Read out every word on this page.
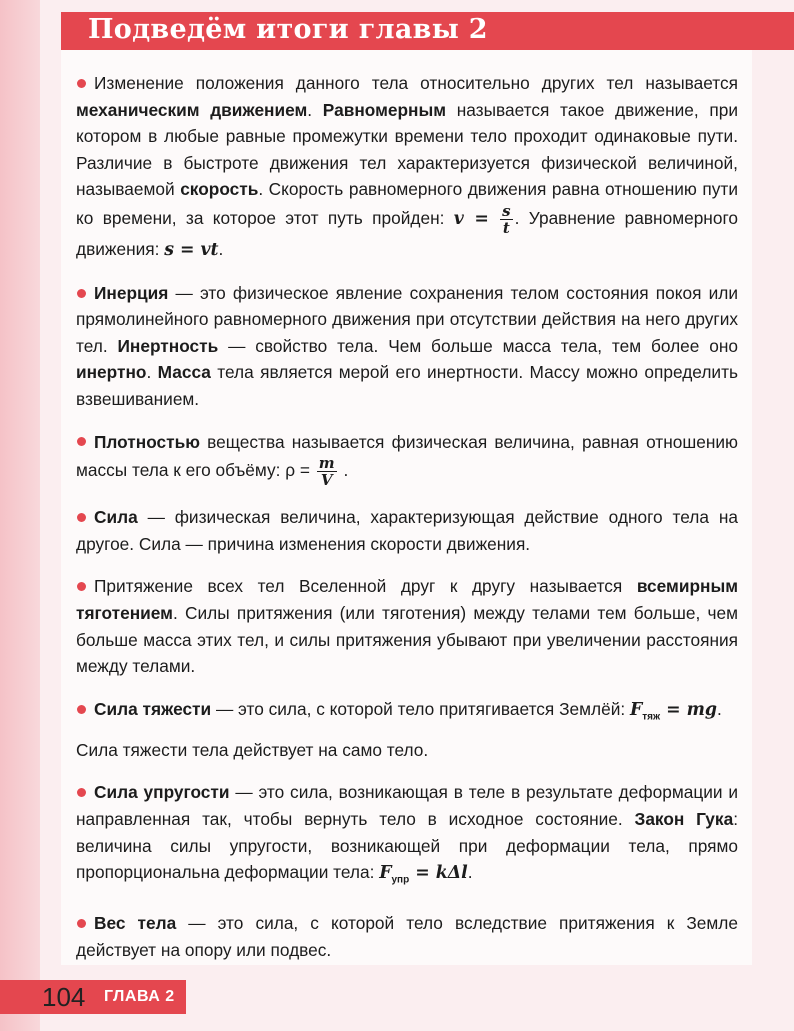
Подведём итоги главы 2

Изменение положения данного тела относительно других тел называется механическим движением. Равномерным называется такое движение, при котором в любые равные промежутки времени тело проходит одинаковые пути. Различие в быстроте движения тел характеризуется физической величиной, называемой скорость. Скорость равномерного движения равна отношению пути ко времени, за которое этот путь пройден: $v = \frac{s}{t}$ . Уравнение равномерного движения: s = vt.

Инерция — это физическое явление сохранения телом состояния покоя или прямолинейного равномерного движения при отсутствии действия на него других тел. Инертность — свойство тела. Чем больше масса тела, тем более оно инертно. Масса тела является мерой его инертности. Массу можно определить взвешиванием.

Плотностью вещества называется физическая величина, равная отношению массы тела к его объёму: $\rho = \frac{m}{V}$ .

Сила — физическая величина, характеризующая действие одного тела на другое. Сила — причина изменения скорости движения.

Притяжение всех тел Вселенной друг к другу называется всемирным тяготением. Силы притяжения (или тяготения) между телами тем больше, чем больше масса этих тел, и силы притяжения убывают при увеличении расстояния между телами.

Сила тяжести — это сила, с которой тело притягивается Землёй: $F_{тяж}$ = mg.

Сила тяжести тела действует на само тело.

Сила упругости — это сила, возникающая в теле в результате деформации и направленная так, чтобы вернуть тело в исходное состояние. Закон Гука: величина силы упругости, возникающей при деформации тела, прямо пропорциональна деформации тела: $F_{упр} = k\Delta l$.

Вес тела — это сила, с которой тело вследствие притяжения к Земле действует на опору или подвес.

104 ГЛАВА 2
